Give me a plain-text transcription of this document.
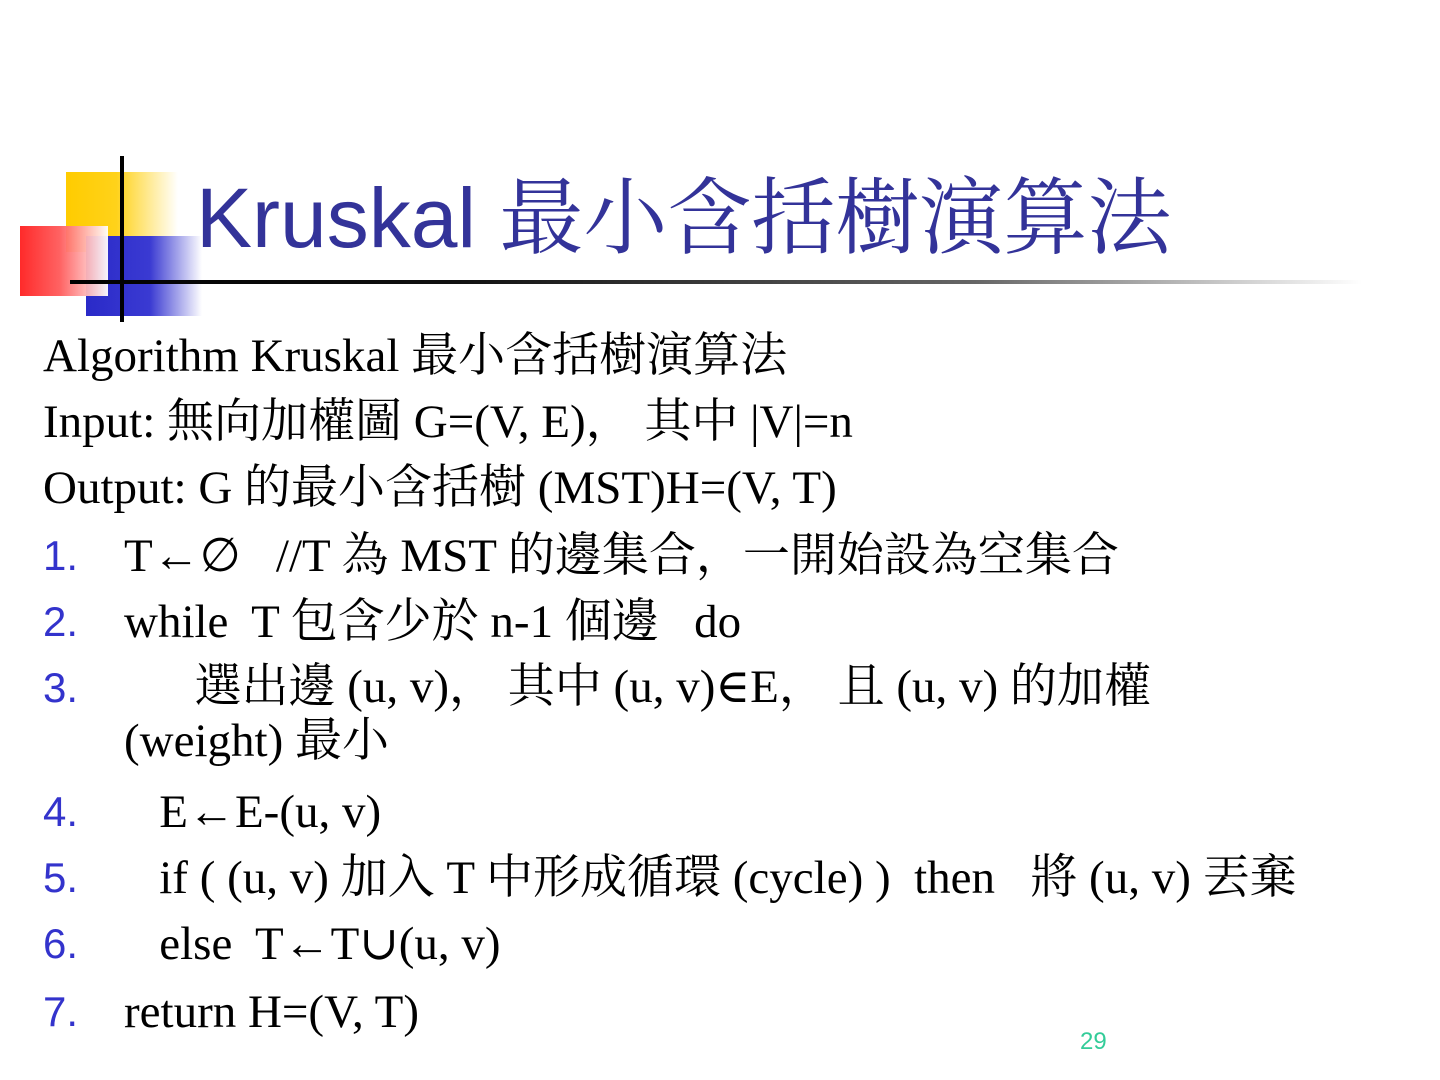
Kruskal 最小含括樹演算法
Algorithm Kruskal 最小含括樹演算法
Input: 無向加權圖 G=(V, E)， 其中 |V|=n
Output: G 的最小含括樹 (MST)H=(V, T)
1. T←∅   //T 為 MST 的邊集合，一開始設為空集合
2. while  T 包含少於 n-1 個邊   do
3. 選出邊 (u, v)， 其中 (u, v)∈E， 且 (u, v) 的加權 (weight) 最小
4. E←E-(u, v)
5. if ( (u, v) 加入 T 中形成循環 (cycle) )  then   將 (u, v) 丟棄
6. else  T←T∪(u, v)
7. return H=(V, T)
29
